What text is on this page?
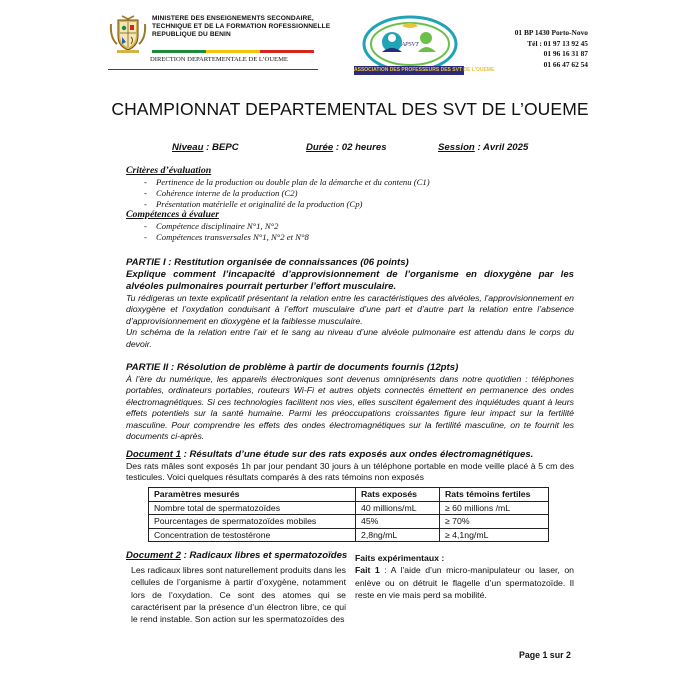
MINISTERE DES ENSEIGNEMENTS SECONDAIRE,
TECHNIQUE ET DE LA FORMATION ROFESSIONNELLE
REPUBLIQUE DU BENIN
DIRECTION DEPARTEMENTALE DE L’OUEME
APSVT
ASSOCIATION DES PROFESSEURS DES SVT DE L'OUEME
01 BP 1430 Porto-Novo
Tél : 01 97 13 92 45
01 96 16 31 87
01 66 47 62 54
CHAMPIONNAT DEPARTEMENTAL DES SVT DE L’OUEME
Niveau : BEPC	Durée : 02 heures	Session : Avril 2025
Critères d’évaluation
- Pertinence de la production ou double plan de la démarche et du contenu (C1)
- Cohérence interne de la production (C2)
- Présentation matérielle et originalité de la production (Cp)
Compétences à évaluer
- Compétence disciplinaire N°1, N°2
- Compétences transversales N°1, N°2 et N°8
PARTIE I : Restitution organisée de connaissances (06 points)
Explique comment l’incapacité d’approvisionnement de l’organisme en dioxygène par les alvéoles pulmonaires pourrait perturber l’effort musculaire.
Tu rédigeras un texte explicatif présentant la relation entre les caractéristiques des alvéoles, l’approvisionnement en dioxygène et l’oxydation conduisant à l’effort musculaire d’une part et d’autre part la relation entre l’absence d’approvisionnement en dioxygène et la faiblesse musculaire.
Un schéma de la relation entre l’air et le sang au niveau d’une alvéole pulmonaire est attendu dans le corps du devoir.
PARTIE II : Résolution de problème à partir de documents fournis (12pts)
À l’ère du numérique, les appareils électroniques sont devenus omniprésents dans notre quotidien : téléphones portables, ordinateurs portables, routeurs Wi-Fi et autres objets connectés émettent en permanence des ondes électromagnétiques. Si ces technologies facilitent nos vies, elles suscitent également des inquiétudes quant à leurs effets potentiels sur la santé humaine. Parmi les préoccupations croissantes figure leur impact sur la fertilité masculine. Pour comprendre les effets des ondes électromagnétiques sur la fertilité masculine, on te fournit les documents ci-après.
Document 1 : Résultats d’une étude sur des rats exposés aux ondes électromagnétiques.
Des rats mâles sont exposés 1h par jour pendant 30 jours à un téléphone portable en mode veille placé à 5 cm des testicules. Voici quelques résultats comparés à des rats témoins non exposés
Paramètres mesurés	Rats exposés	Rats témoins fertiles
Nombre total de spermatozoïdes	40 millions/mL	≥ 60 millions /mL
Pourcentages de spermatozoïdes mobiles	45%	≥ 70%
Concentration de testostérone	2,8ng/mL	≥ 4,1ng/mL
Document 2 : Radicaux libres et spermatozoïdes
Les radicaux libres sont naturellement produits dans les cellules de l’organisme à partir d’oxygène, notamment lors de l’oxydation. Ce sont des atomes qui se caractérisent par la présence d’un électron libre, ce qui le rend instable. Son action sur les spermatozoïdes des
Faits expérimentaux :
Fait 1 : A l’aide d’un micro-manipulateur ou laser, on enlève ou on détruit le flagelle d’un spermatozoïde. Il reste en vie mais perd sa mobilité.
Page 1 sur 2
